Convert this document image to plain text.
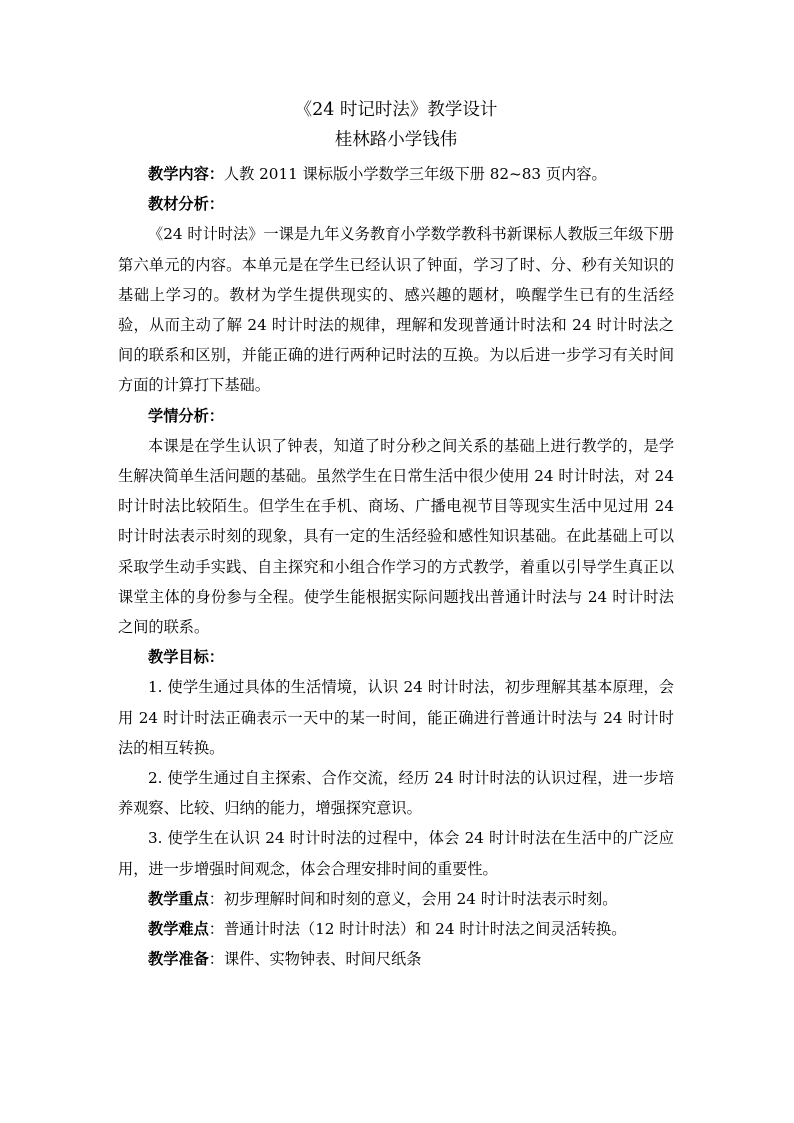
《24 时记时法》教学设计
桂林路小学钱伟

教学内容：人教 2011 课标版小学数学三年级下册 82~83 页内容。

教材分析：

《24 时计时法》一课是九年义务教育小学数学教科书新课标人教版三年级下册第六单元的内容。本单元是在学生已经认识了钟面，学习了时、分、秒有关知识的基础上学习的。教材为学生提供现实的、感兴趣的题材，唤醒学生已有的生活经验，从而主动了解 24 时计时法的规律，理解和发现普通计时法和 24 时计时法之间的联系和区别，并能正确的进行两种记时法的互换。为以后进一步学习有关时间方面的计算打下基础。

学情分析：

本课是在学生认识了钟表，知道了时分秒之间关系的基础上进行教学的，是学生解决简单生活问题的基础。虽然学生在日常生活中很少使用 24 时计时法，对 24 时计时法比较陌生。但学生在手机、商场、广播电视节目等现实生活中见过用 24 时计时法表示时刻的现象，具有一定的生活经验和感性知识基础。在此基础上可以采取学生动手实践、自主探究和小组合作学习的方式教学，着重以引导学生真正以课堂主体的身份参与全程。使学生能根据实际问题找出普通计时法与 24 时计时法之间的联系。

教学目标：

1. 使学生通过具体的生活情境，认识 24 时计时法，初步理解其基本原理，会用 24 时计时法正确表示一天中的某一时间，能正确进行普通计时法与 24 时计时法的相互转换。

2. 使学生通过自主探索、合作交流，经历 24 时计时法的认识过程，进一步培养观察、比较、归纳的能力，增强探究意识。

3. 使学生在认识 24 时计时法的过程中，体会 24 时计时法在生活中的广泛应用，进一步增强时间观念，体会合理安排时间的重要性。

教学重点：初步理解时间和时刻的意义，会用 24 时计时法表示时刻。

教学难点：普通计时法（12 时计时法）和 24 时计时法之间灵活转换。

教学准备：课件、实物钟表、时间尺纸条
